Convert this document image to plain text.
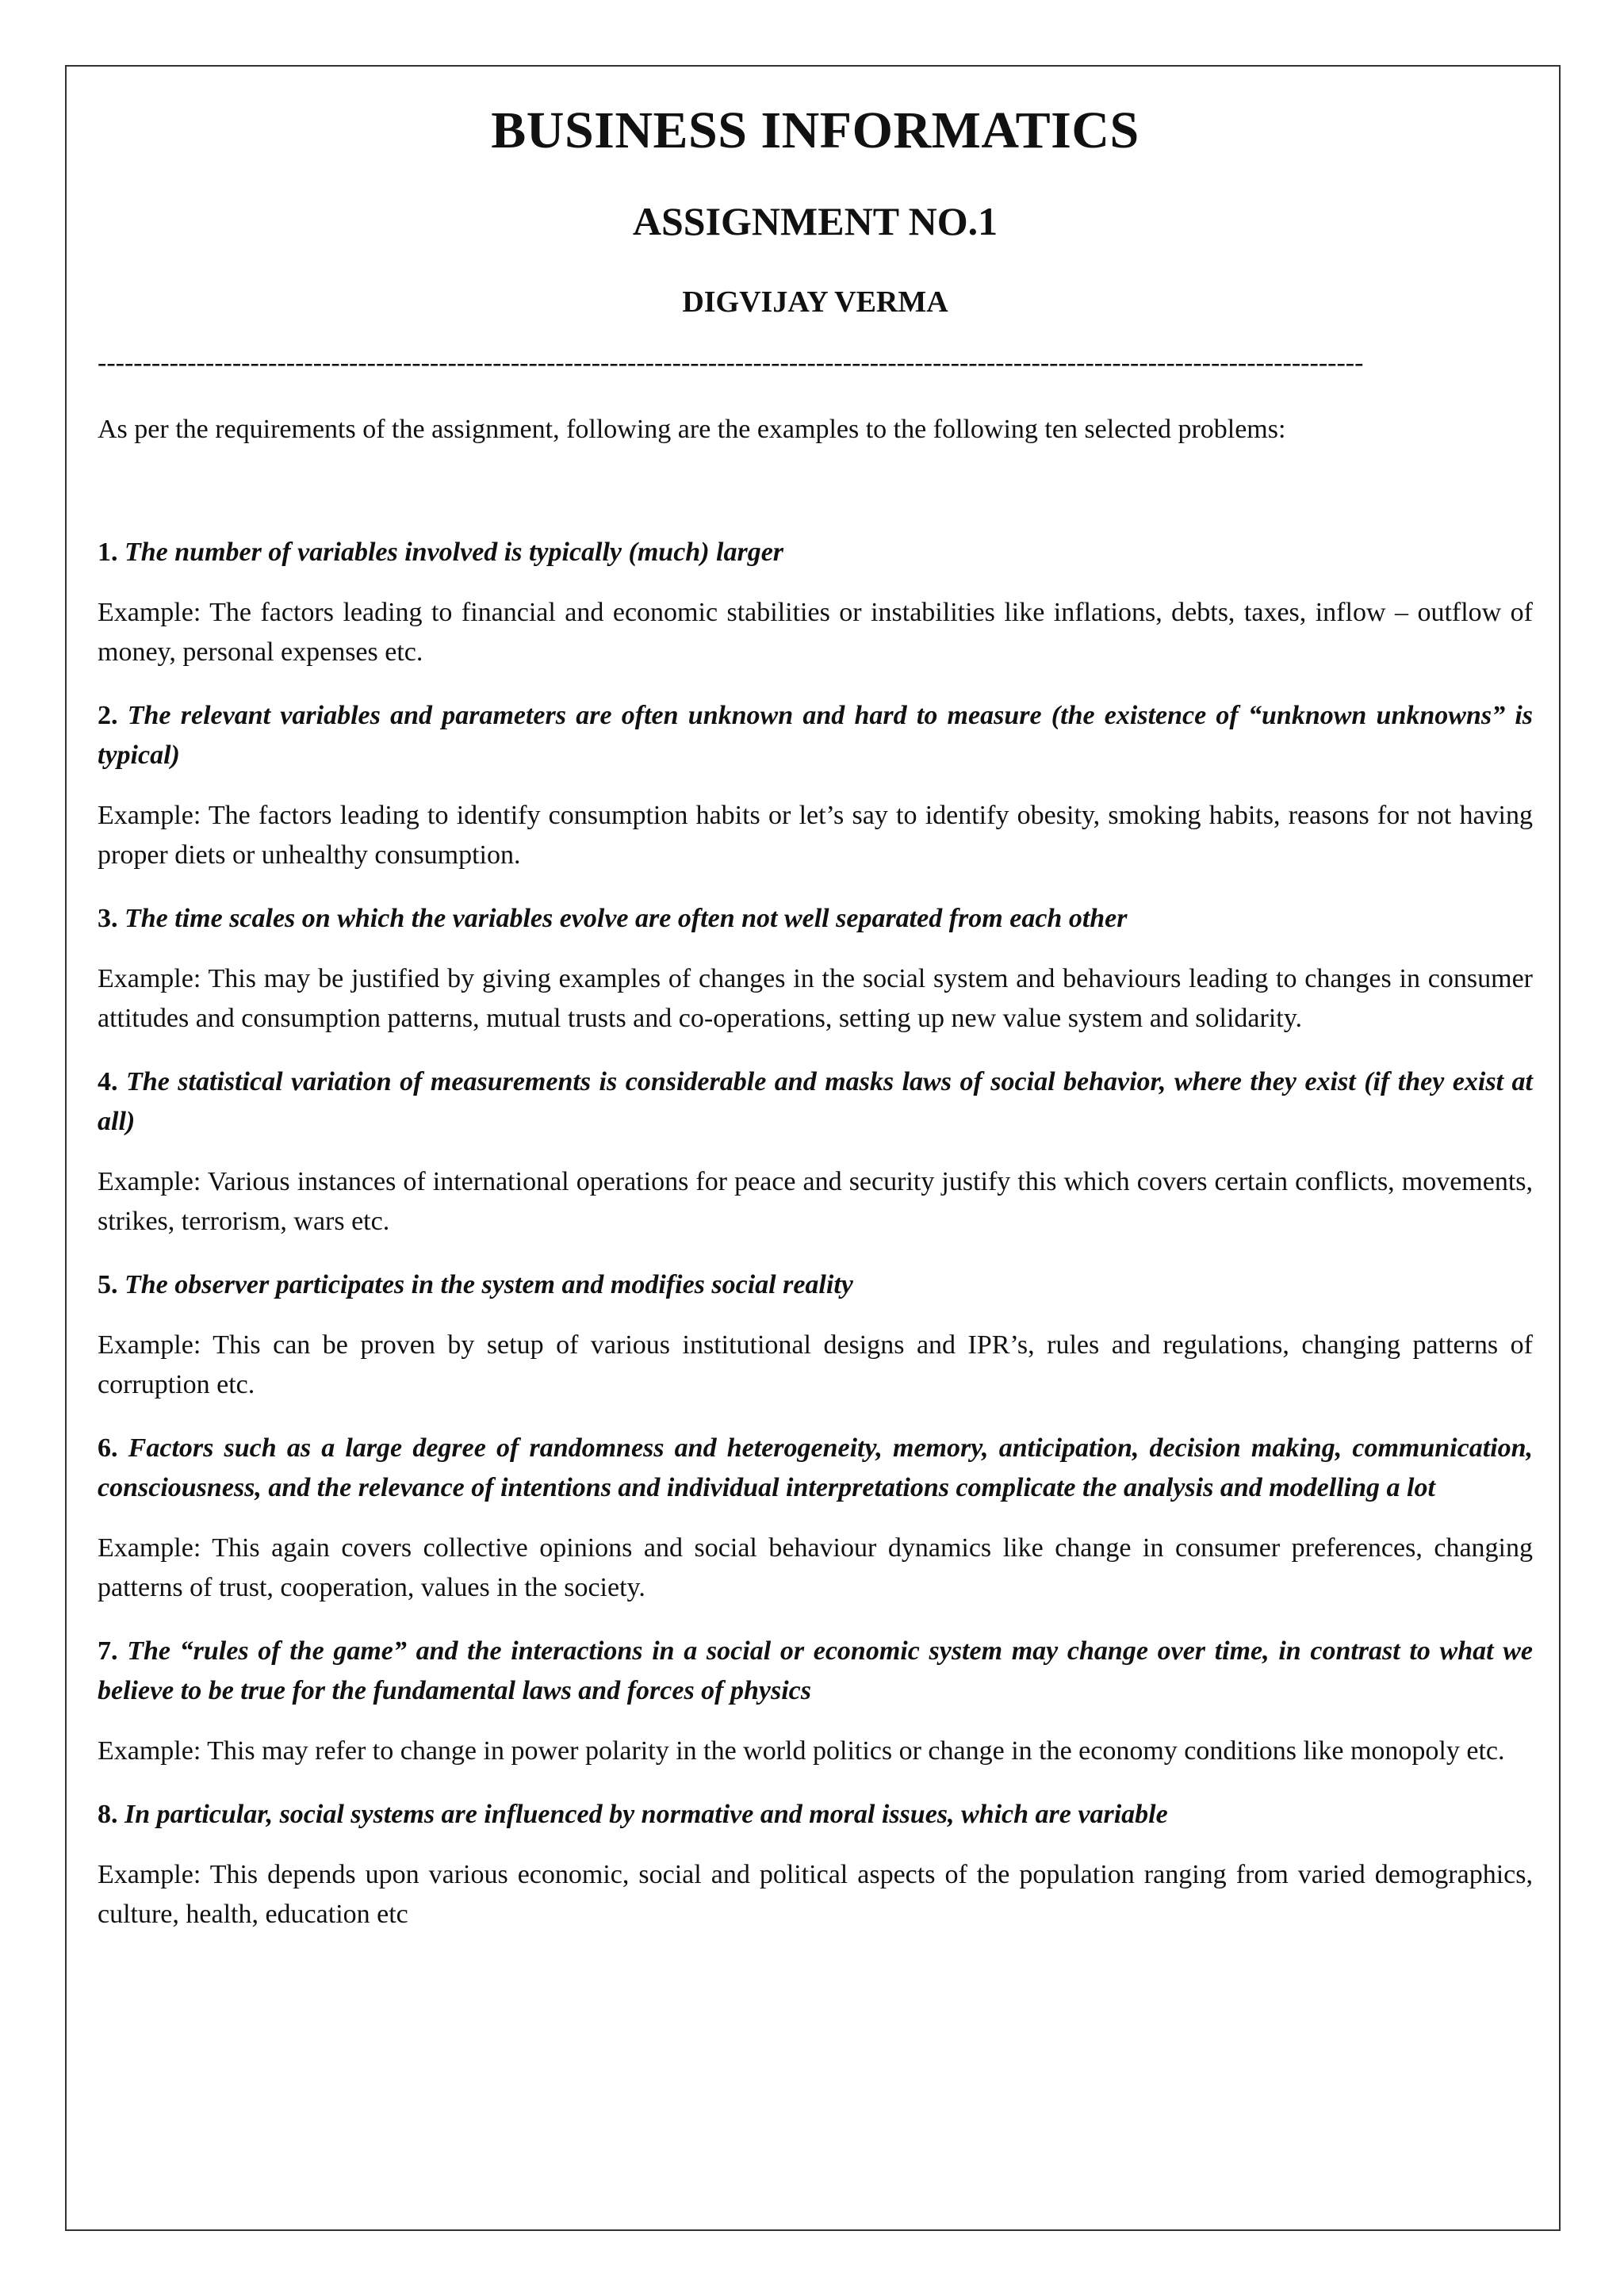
BUSINESS INFORMATICS
ASSIGNMENT NO.1
DIGVIJAY VERMA
---------------------------------------------------------------------------------------------------------------------------------------------

As per the requirements of the assignment, following are the examples to the following ten selected problems:

1. The number of variables involved is typically (much) larger

Example: The factors leading to financial and economic stabilities or instabilities like inflations, debts, taxes, inflow – outflow of money, personal expenses etc.

2. The relevant variables and parameters are often unknown and hard to measure (the existence of “unknown unknowns” is typical)

Example: The factors leading to identify consumption habits or let’s say to identify obesity, smoking habits, reasons for not having proper diets or unhealthy consumption.

3. The time scales on which the variables evolve are often not well separated from each other

Example: This may be justified by giving examples of changes in the social system and behaviours leading to changes in consumer attitudes and consumption patterns, mutual trusts and co-operations, setting up new value system and solidarity.

4. The statistical variation of measurements is considerable and masks laws of social behavior, where they exist (if they exist at all)

Example: Various instances of international operations for peace and security justify this which covers certain conflicts, movements, strikes, terrorism, wars etc.

5. The observer participates in the system and modifies social reality

Example: This can be proven by setup of various institutional designs and IPR’s, rules and regulations, changing patterns of corruption etc.

6. Factors such as a large degree of randomness and heterogeneity, memory, anticipation, decision making, communication, consciousness, and the relevance of intentions and individual interpretations complicate the analysis and modelling a lot

Example: This again covers collective opinions and social behaviour dynamics like change in consumer preferences, changing patterns of trust, cooperation, values in the society.

7. The “rules of the game” and the interactions in a social or economic system may change over time, in contrast to what we believe to be true for the fundamental laws and forces of physics

Example: This may refer to change in power polarity in the world politics or change in the economy conditions like monopoly etc.

8. In particular, social systems are influenced by normative and moral issues, which are variable

Example: This depends upon various economic, social and political aspects of the population ranging from varied demographics, culture, health, education etc
